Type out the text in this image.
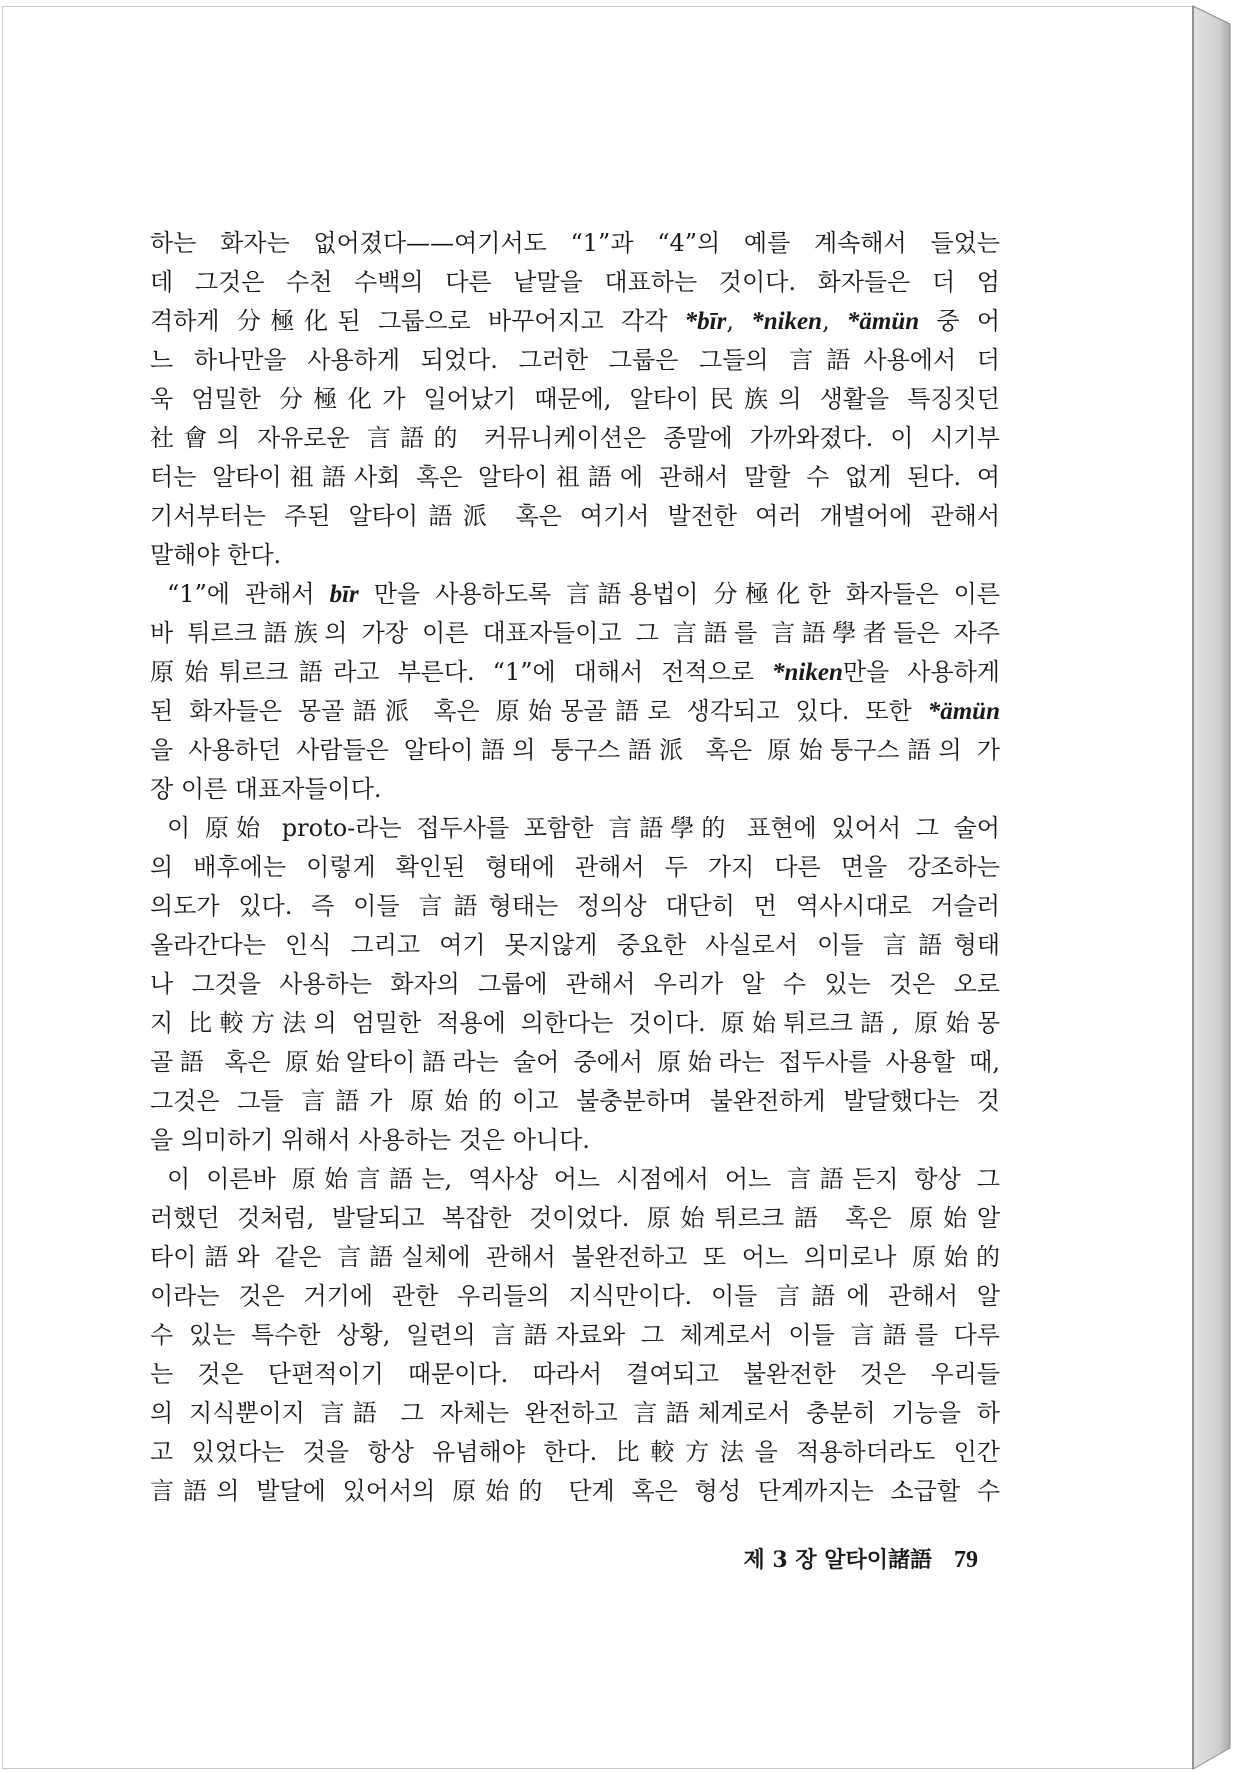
하는 화자는 없어졌다——여기서도 “1”과 “4”의 예를 계속해서 들었는
데 그것은 수천 수백의 다른 낱말을 대표하는 것이다. 화자들은 더 엄
격하게 分極化된 그룹으로 바꾸어지고 각각 *bīr, *niken, *ämün 중 어
느 하나만을 사용하게 되었다. 그러한 그룹은 그들의 言語사용에서 더
욱 엄밀한 分極化가 일어났기 때문에, 알타이民族의 생활을 특징짓던
社會의 자유로운 言語的 커뮤니케이션은 종말에 가까와졌다. 이 시기부
터는 알타이祖語사회 혹은 알타이祖語에 관해서 말할 수 없게 된다. 여
기서부터는 주된 알타이語派 혹은 여기서 발전한 여러 개별어에 관해서
말해야 한다.
“1”에 관해서 bīr 만을 사용하도록 言語용법이 分極化한 화자들은 이른
바 튀르크語族의 가장 이른 대표자들이고 그 言語를 言語學者들은 자주
原始튀르크語라고 부른다. “1”에 대해서 전적으로 *niken만을 사용하게
된 화자들은 몽골語派 혹은 原始몽골語로 생각되고 있다. 또한 *ämün
을 사용하던 사람들은 알타이語의 퉁구스語派 혹은 原始퉁구스語의 가
장 이른 대표자들이다.
이 原始 proto-라는 접두사를 포함한 言語學的 표현에 있어서 그 술어
의 배후에는 이렇게 확인된 형태에 관해서 두 가지 다른 면을 강조하는
의도가 있다. 즉 이들 言語형태는 정의상 대단히 먼 역사시대로 거슬러
올라간다는 인식 그리고 여기 못지않게 중요한 사실로서 이들 言語형태
나 그것을 사용하는 화자의 그룹에 관해서 우리가 알 수 있는 것은 오로
지 比較方法의 엄밀한 적용에 의한다는 것이다. 原始튀르크語, 原始몽
골語 혹은 原始알타이語라는 술어 중에서 原始라는 접두사를 사용할 때,
그것은 그들 言語가 原始的이고 불충분하며 불완전하게 발달했다는 것
을 의미하기 위해서 사용하는 것은 아니다.
이 이른바 原始言語는, 역사상 어느 시점에서 어느 言語든지 항상 그
러했던 것처럼, 발달되고 복잡한 것이었다. 原始튀르크語 혹은 原始알
타이語와 같은 言語실체에 관해서 불완전하고 또 어느 의미로나 原始的
이라는 것은 거기에 관한 우리들의 지식만이다. 이들 言語에 관해서 알
수 있는 특수한 상황, 일련의 言語자료와 그 체계로서 이들 言語를 다루
는 것은 단편적이기 때문이다. 따라서 결여되고 불완전한 것은 우리들
의 지식뿐이지 言語 그 자체는 완전하고 言語체계로서 충분히 기능을 하
고 있었다는 것을 항상 유념해야 한다. 比較方法을 적용하더라도 인간
言語의 발달에 있어서의 原始的 단계 혹은 형성 단계까지는 소급할 수
제 3 장 알타이諸語 79
